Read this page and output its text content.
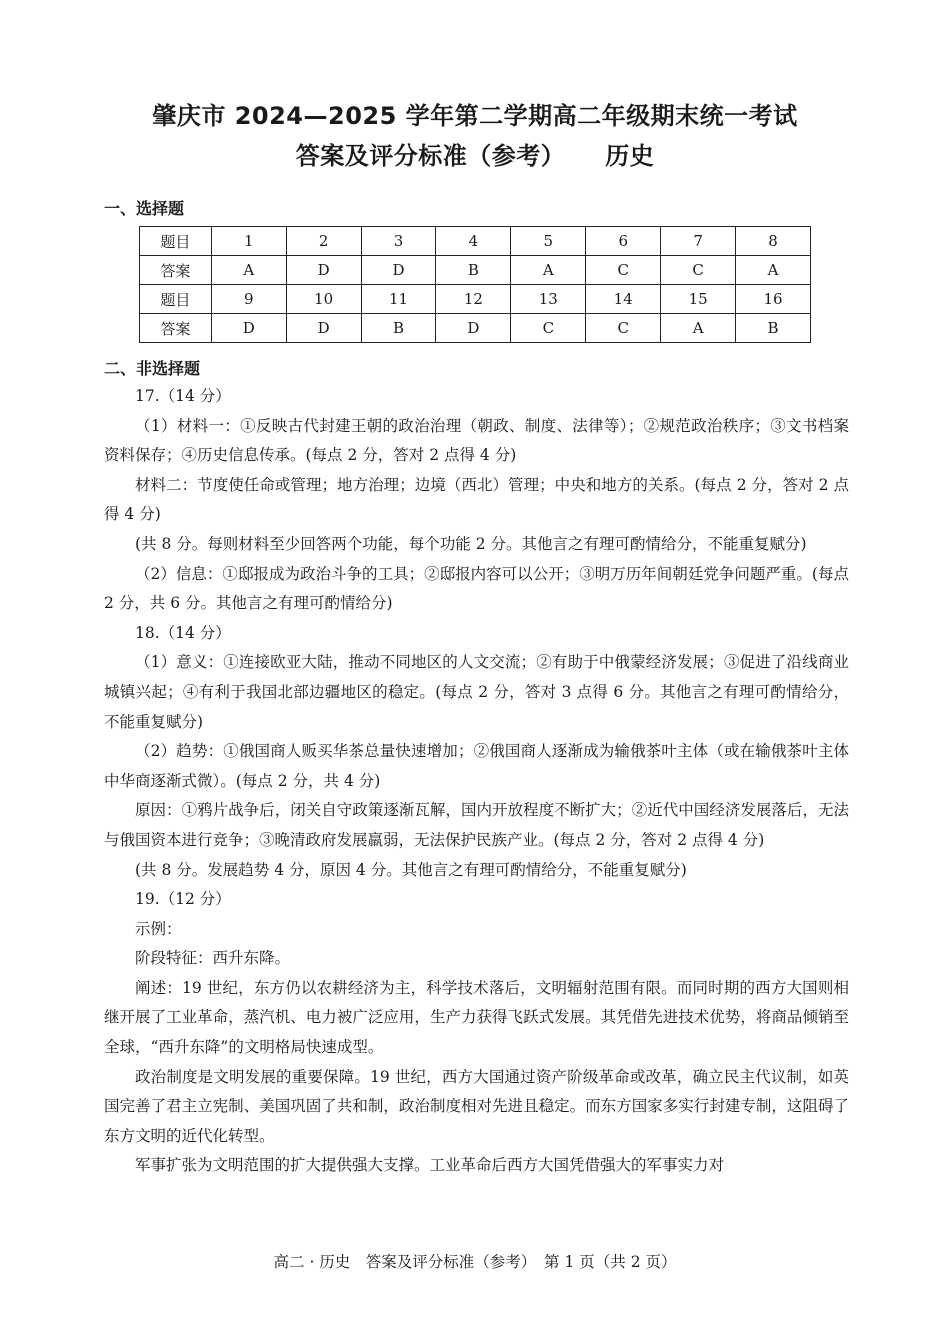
肇庆市 2024—2025 学年第二学期高二年级期末统一考试
答案及评分标准（参考） 历史
一、选择题
题目	1	2	3	4	5	6	7	8
答案	A	D	D	B	A	C	C	A
题目	9	10	11	12	13	14	15	16
答案	D	D	B	D	C	C	A	B
二、非选择题

17.（14 分）

（1）材料一：①反映古代封建王朝的政治治理（朝政、制度、法律等）；②规范政治秩序；③文书档案资料保存；④历史信息传承。(每点 2 分，答对 2 点得 4 分)

材料二：节度使任命或管理；地方治理；边境（西北）管理；中央和地方的关系。(每点 2 分，答对 2 点得 4 分)

(共 8 分。每则材料至少回答两个功能，每个功能 2 分。其他言之有理可酌情给分，不能重复赋分)

（2）信息：①邸报成为政治斗争的工具；②邸报内容可以公开；③明万历年间朝廷党争问题严重。(每点 2 分，共 6 分。其他言之有理可酌情给分)

18.（14 分）

（1）意义：①连接欧亚大陆，推动不同地区的人文交流；②有助于中俄蒙经济发展；③促进了沿线商业城镇兴起；④有利于我国北部边疆地区的稳定。(每点 2 分，答对 3 点得 6 分。其他言之有理可酌情给分，不能重复赋分)

（2）趋势：①俄国商人贩买华茶总量快速增加；②俄国商人逐渐成为输俄茶叶主体（或在输俄茶叶主体中华商逐渐式微）。(每点 2 分，共 4 分)

原因：①鸦片战争后，闭关自守政策逐渐瓦解，国内开放程度不断扩大；②近代中国经济发展落后，无法与俄国资本进行竞争；③晚清政府发展羸弱，无法保护民族产业。(每点 2 分，答对 2 点得 4 分)

(共 8 分。发展趋势 4 分，原因 4 分。其他言之有理可酌情给分，不能重复赋分)

19.（12 分）

示例：

阶段特征：西升东降。

阐述：19 世纪，东方仍以农耕经济为主，科学技术落后，文明辐射范围有限。而同时期的西方大国则相继开展了工业革命，蒸汽机、电力被广泛应用，生产力获得飞跃式发展。其凭借先进技术优势，将商品倾销至全球，“西升东降”的文明格局快速成型。

政治制度是文明发展的重要保障。19 世纪，西方大国通过资产阶级革命或改革，确立民主代议制，如英国完善了君主立宪制、美国巩固了共和制，政治制度相对先进且稳定。而东方国家多实行封建专制，这阻碍了东方文明的近代化转型。

军事扩张为文明范围的扩大提供强大支撑。工业革命后西方大国凭借强大的军事实力对

高二 · 历史　答案及评分标准（参考）　第 1 页（共 2 页）
